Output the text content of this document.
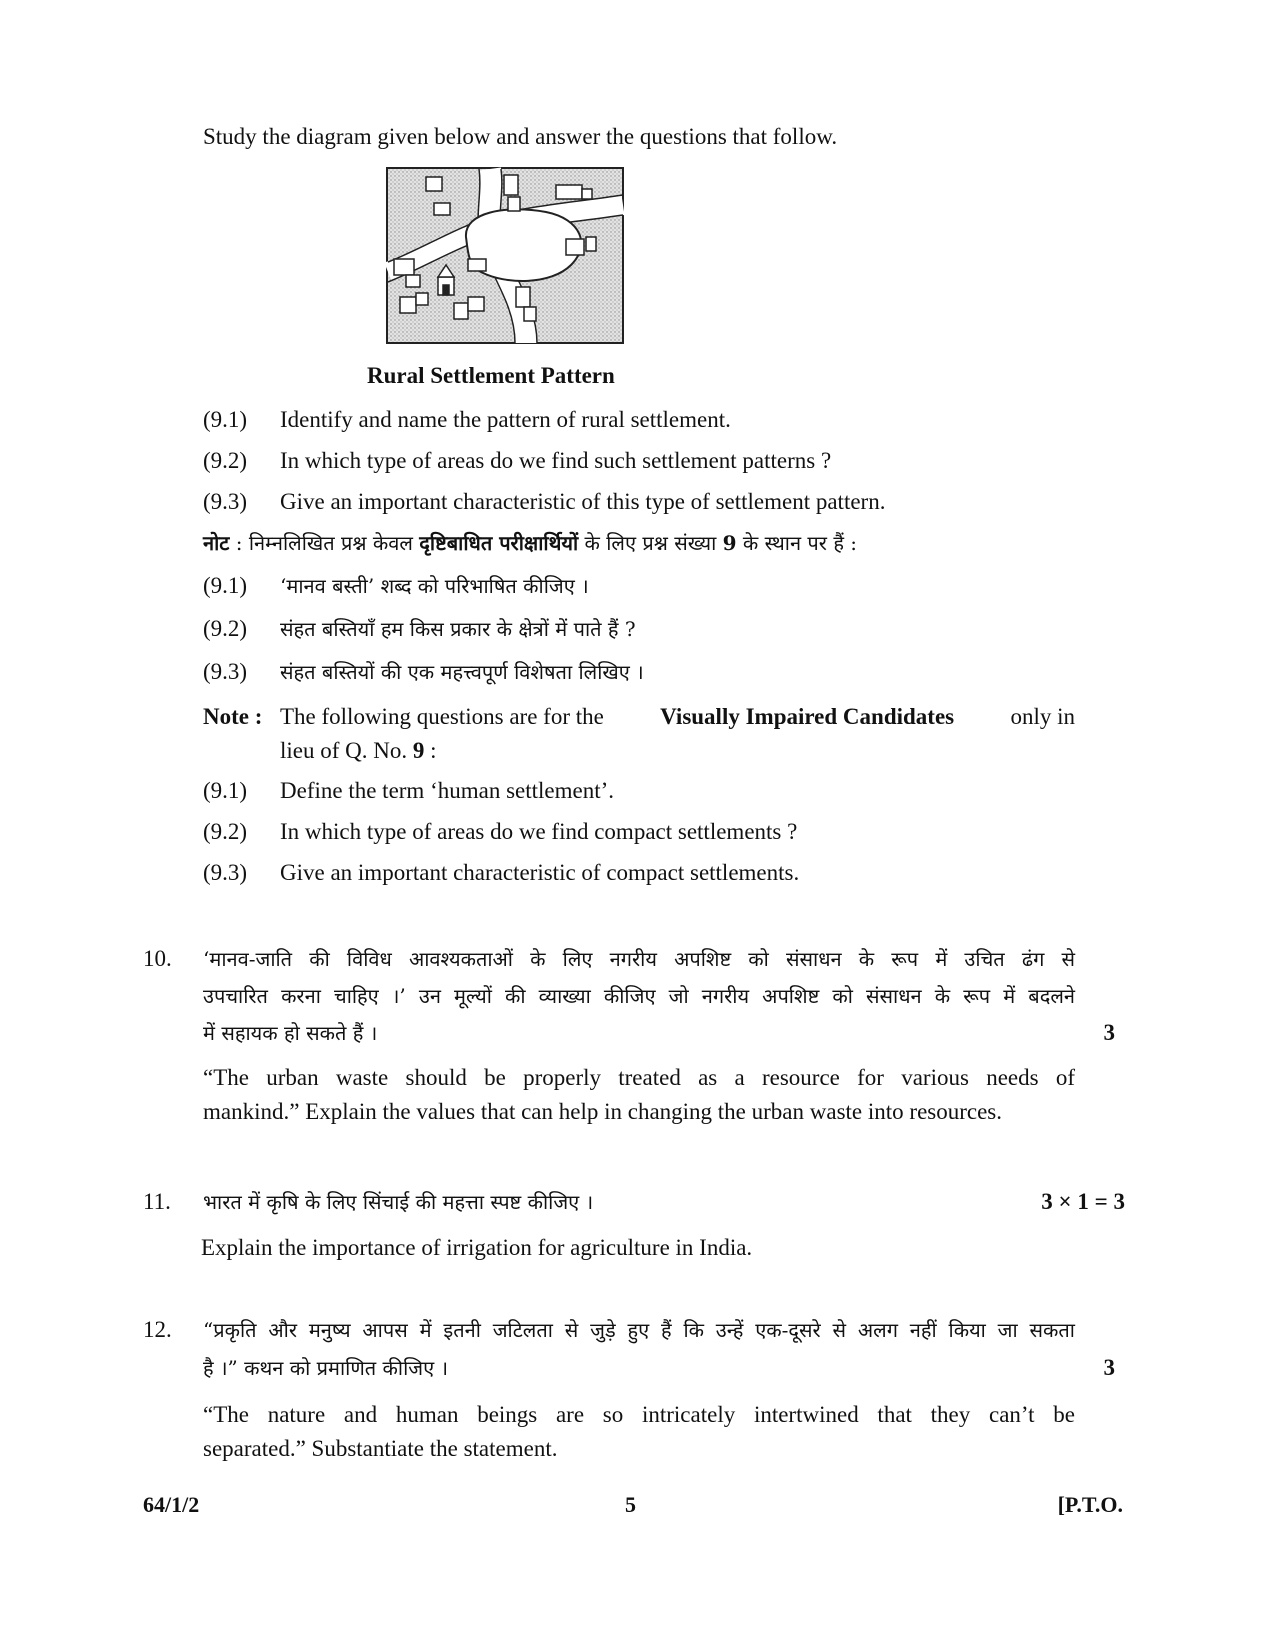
Study the diagram given below and answer the questions that follow.
Rural Settlement Pattern
(9.1) Identify and name the pattern of rural settlement.
(9.2) In which type of areas do we find such settlement patterns ?
(9.3) Give an important characteristic of this type of settlement pattern.
नोट : निम्नलिखित प्रश्न केवल दृष्टिबाधित परीक्षार्थियों के लिए प्रश्न संख्या 9 के स्थान पर हैं :
(9.1) ‘मानव बस्ती’ शब्द को परिभाषित कीजिए ।
(9.2) संहत बस्तियाँ हम किस प्रकार के क्षेत्रों में पाते हैं ?
(9.3) संहत बस्तियों की एक महत्त्वपूर्ण विशेषता लिखिए ।
Note : The following questions are for the Visually Impaired Candidates only in
lieu of Q. No. 9 :
(9.1) Define the term ‘human settlement’.
(9.2) In which type of areas do we find compact settlements ?
(9.3) Give an important characteristic of compact settlements.
10. ‘मानव-जाति की विविध आवश्यकताओं के लिए नगरीय अपशिष्ट को संसाधन के रूप में उचित ढंग से
उपचारित करना चाहिए ।’ उन मूल्यों की व्याख्या कीजिए जो नगरीय अपशिष्ट को संसाधन के रूप में बदलने
में सहायक हो सकते हैं ।	3
“The urban waste should be properly treated as a resource for various needs of
mankind.” Explain the values that can help in changing the urban waste into resources.
11. भारत में कृषि के लिए सिंचाई की महत्ता स्पष्ट कीजिए ।	3 × 1 = 3
Explain the importance of irrigation for agriculture in India.
12. “प्रकृति और मनुष्य आपस में इतनी जटिलता से जुड़े हुए हैं कि उन्हें एक-दूसरे से अलग नहीं किया जा सकता
है ।” कथन को प्रमाणित कीजिए ।	3
“The nature and human beings are so intricately intertwined that they can’t be
separated.” Substantiate the statement.
64/1/2	5	[P.T.O.
